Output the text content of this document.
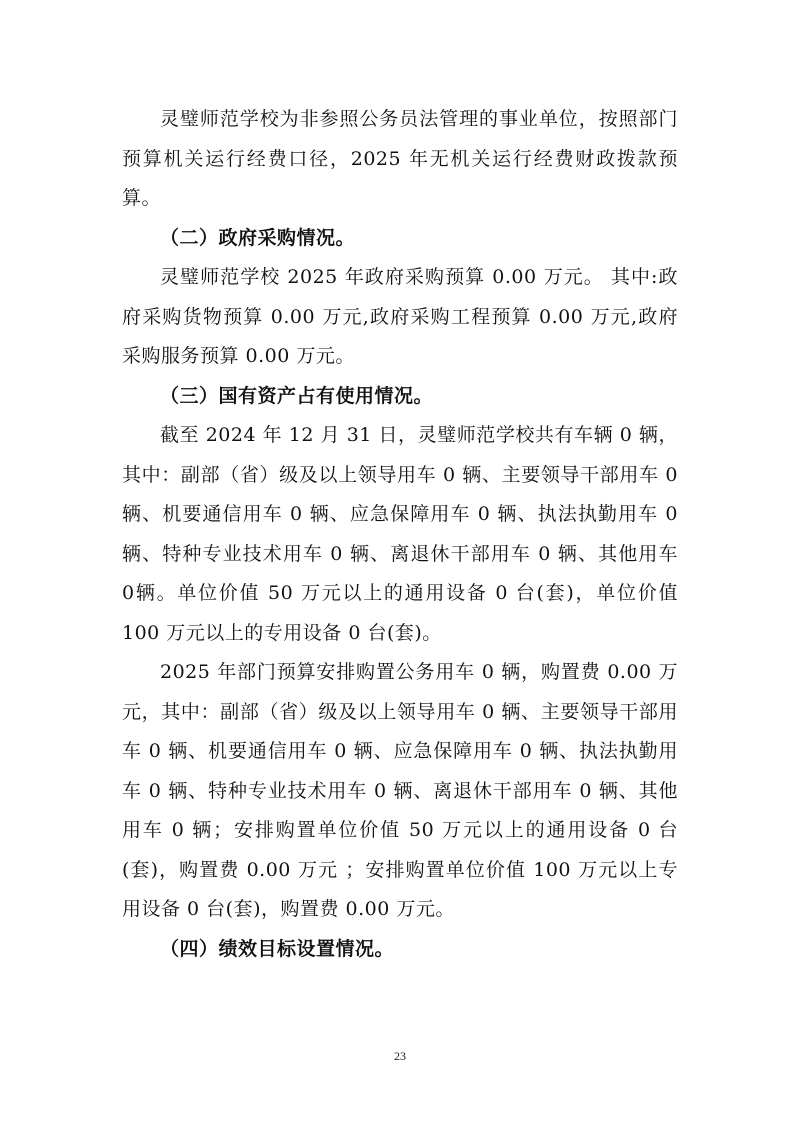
灵璧师范学校为非参照公务员法管理的事业单位，按照部门预算机关运行经费口径，2025 年无机关运行经费财政拨款预算。

（二）政府采购情况。

灵璧师范学校 2025 年政府采购预算 0.00 万元。 其中:政府采购货物预算 0.00 万元,政府采购工程预算 0.00 万元,政府采购服务预算 0.00 万元。

（三）国有资产占有使用情况。

截至 2024 年 12 月 31 日，灵璧师范学校共有车辆 0 辆，其中：副部（省）级及以上领导用车 0 辆、主要领导干部用车 0 辆、机要通信用车 0 辆、应急保障用车 0 辆、执法执勤用车 0 辆、特种专业技术用车 0 辆、离退休干部用车 0 辆、其他用车 0辆。单位价值 50 万元以上的通用设备 0 台(套)，单位价值 100 万元以上的专用设备 0 台(套)。

2025 年部门预算安排购置公务用车 0 辆，购置费 0.00 万元，其中：副部（省）级及以上领导用车 0 辆、主要领导干部用车 0 辆、机要通信用车 0 辆、应急保障用车 0 辆、执法执勤用车 0 辆、特种专业技术用车 0 辆、离退休干部用车 0 辆、其他用车 0 辆；安排购置单位价值 50 万元以上的通用设备 0 台(套)，购置费 0.00 万元 ；安排购置单位价值 100 万元以上专用设备 0 台(套)，购置费 0.00 万元。

（四）绩效目标设置情况。

23
